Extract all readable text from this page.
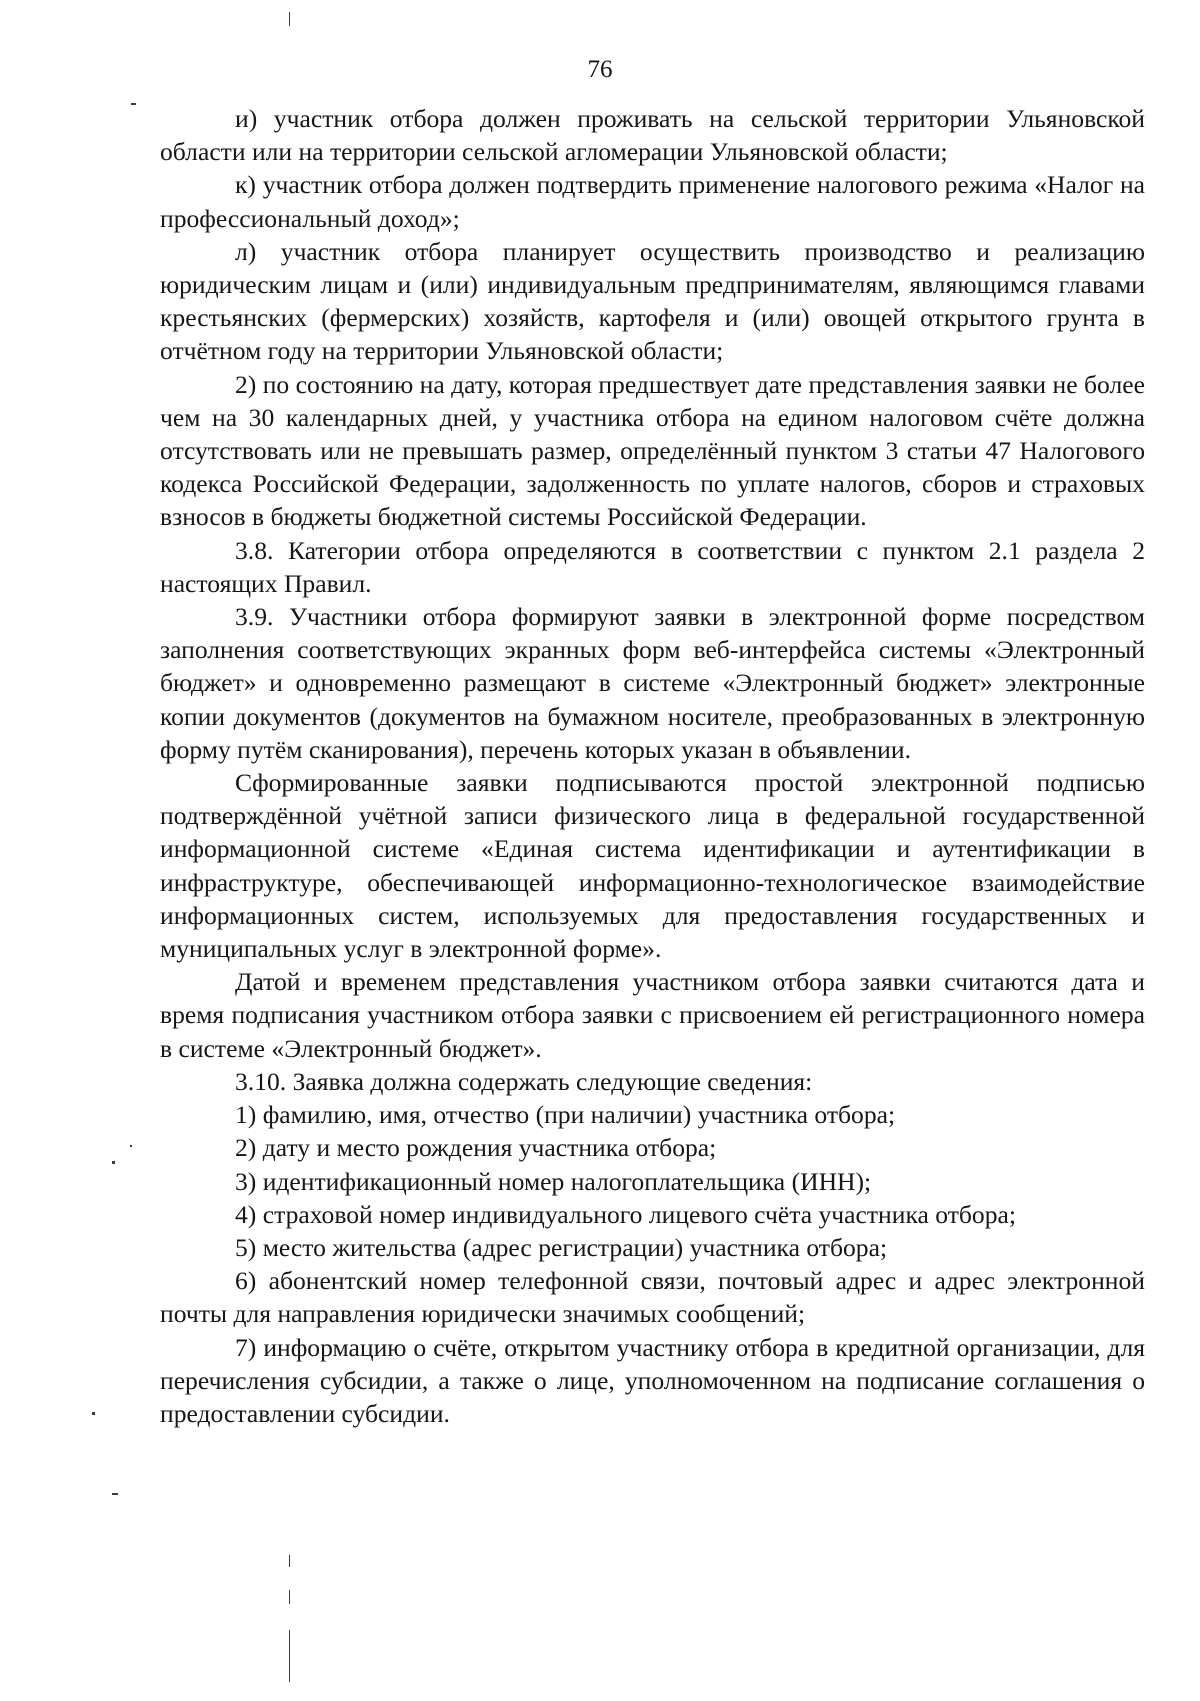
76

и) участник отбора должен проживать на сельской территории Ульяновской области или на территории сельской агломерации Ульяновской области;

к) участник отбора должен подтвердить применение налогового режима «Налог на профессиональный доход»;

л) участник отбора планирует осуществить производство и реализацию юридическим лицам и (или) индивидуальным предпринимателям, являющимся главами крестьянских (фермерских) хозяйств, картофеля и (или) овощей открытого грунта в отчётном году на территории Ульяновской области;

2) по состоянию на дату, которая предшествует дате представления заявки не более чем на 30 календарных дней, у участника отбора на едином налоговом счёте должна отсутствовать или не превышать размер, определённый пунктом 3 статьи 47 Налогового кодекса Российской Федерации, задолженность по уплате налогов, сборов и страховых взносов в бюджеты бюджетной системы Российской Федерации.

3.8. Категории отбора определяются в соответствии с пунктом 2.1 раздела 2 настоящих Правил.

3.9. Участники отбора формируют заявки в электронной форме посредством заполнения соответствующих экранных форм веб-интерфейса системы «Электронный бюджет» и одновременно размещают в системе «Электронный бюджет» электронные копии документов (документов на бумажном носителе, преобразованных в электронную форму путём сканирования), перечень которых указан в объявлении.

Сформированные заявки подписываются простой электронной подписью подтверждённой учётной записи физического лица в федеральной государственной информационной системе «Единая система идентификации и аутентификации в инфраструктуре, обеспечивающей информационно-технологическое взаимодействие информационных систем, используемых для предоставления государственных и муниципальных услуг в электронной форме».

Датой и временем представления участником отбора заявки считаются дата и время подписания участником отбора заявки с присвоением ей регистрационного номера в системе «Электронный бюджет».

3.10. Заявка должна содержать следующие сведения:

1) фамилию, имя, отчество (при наличии) участника отбора;

2) дату и место рождения участника отбора;

3) идентификационный номер налогоплательщика (ИНН);

4) страховой номер индивидуального лицевого счёта участника отбора;

5) место жительства (адрес регистрации) участника отбора;

6) абонентский номер телефонной связи, почтовый адрес и адрес электронной почты для направления юридически значимых сообщений;

7) информацию о счёте, открытом участнику отбора в кредитной организации, для перечисления субсидии, а также о лице, уполномоченном на подписание соглашения о предоставлении субсидии.
